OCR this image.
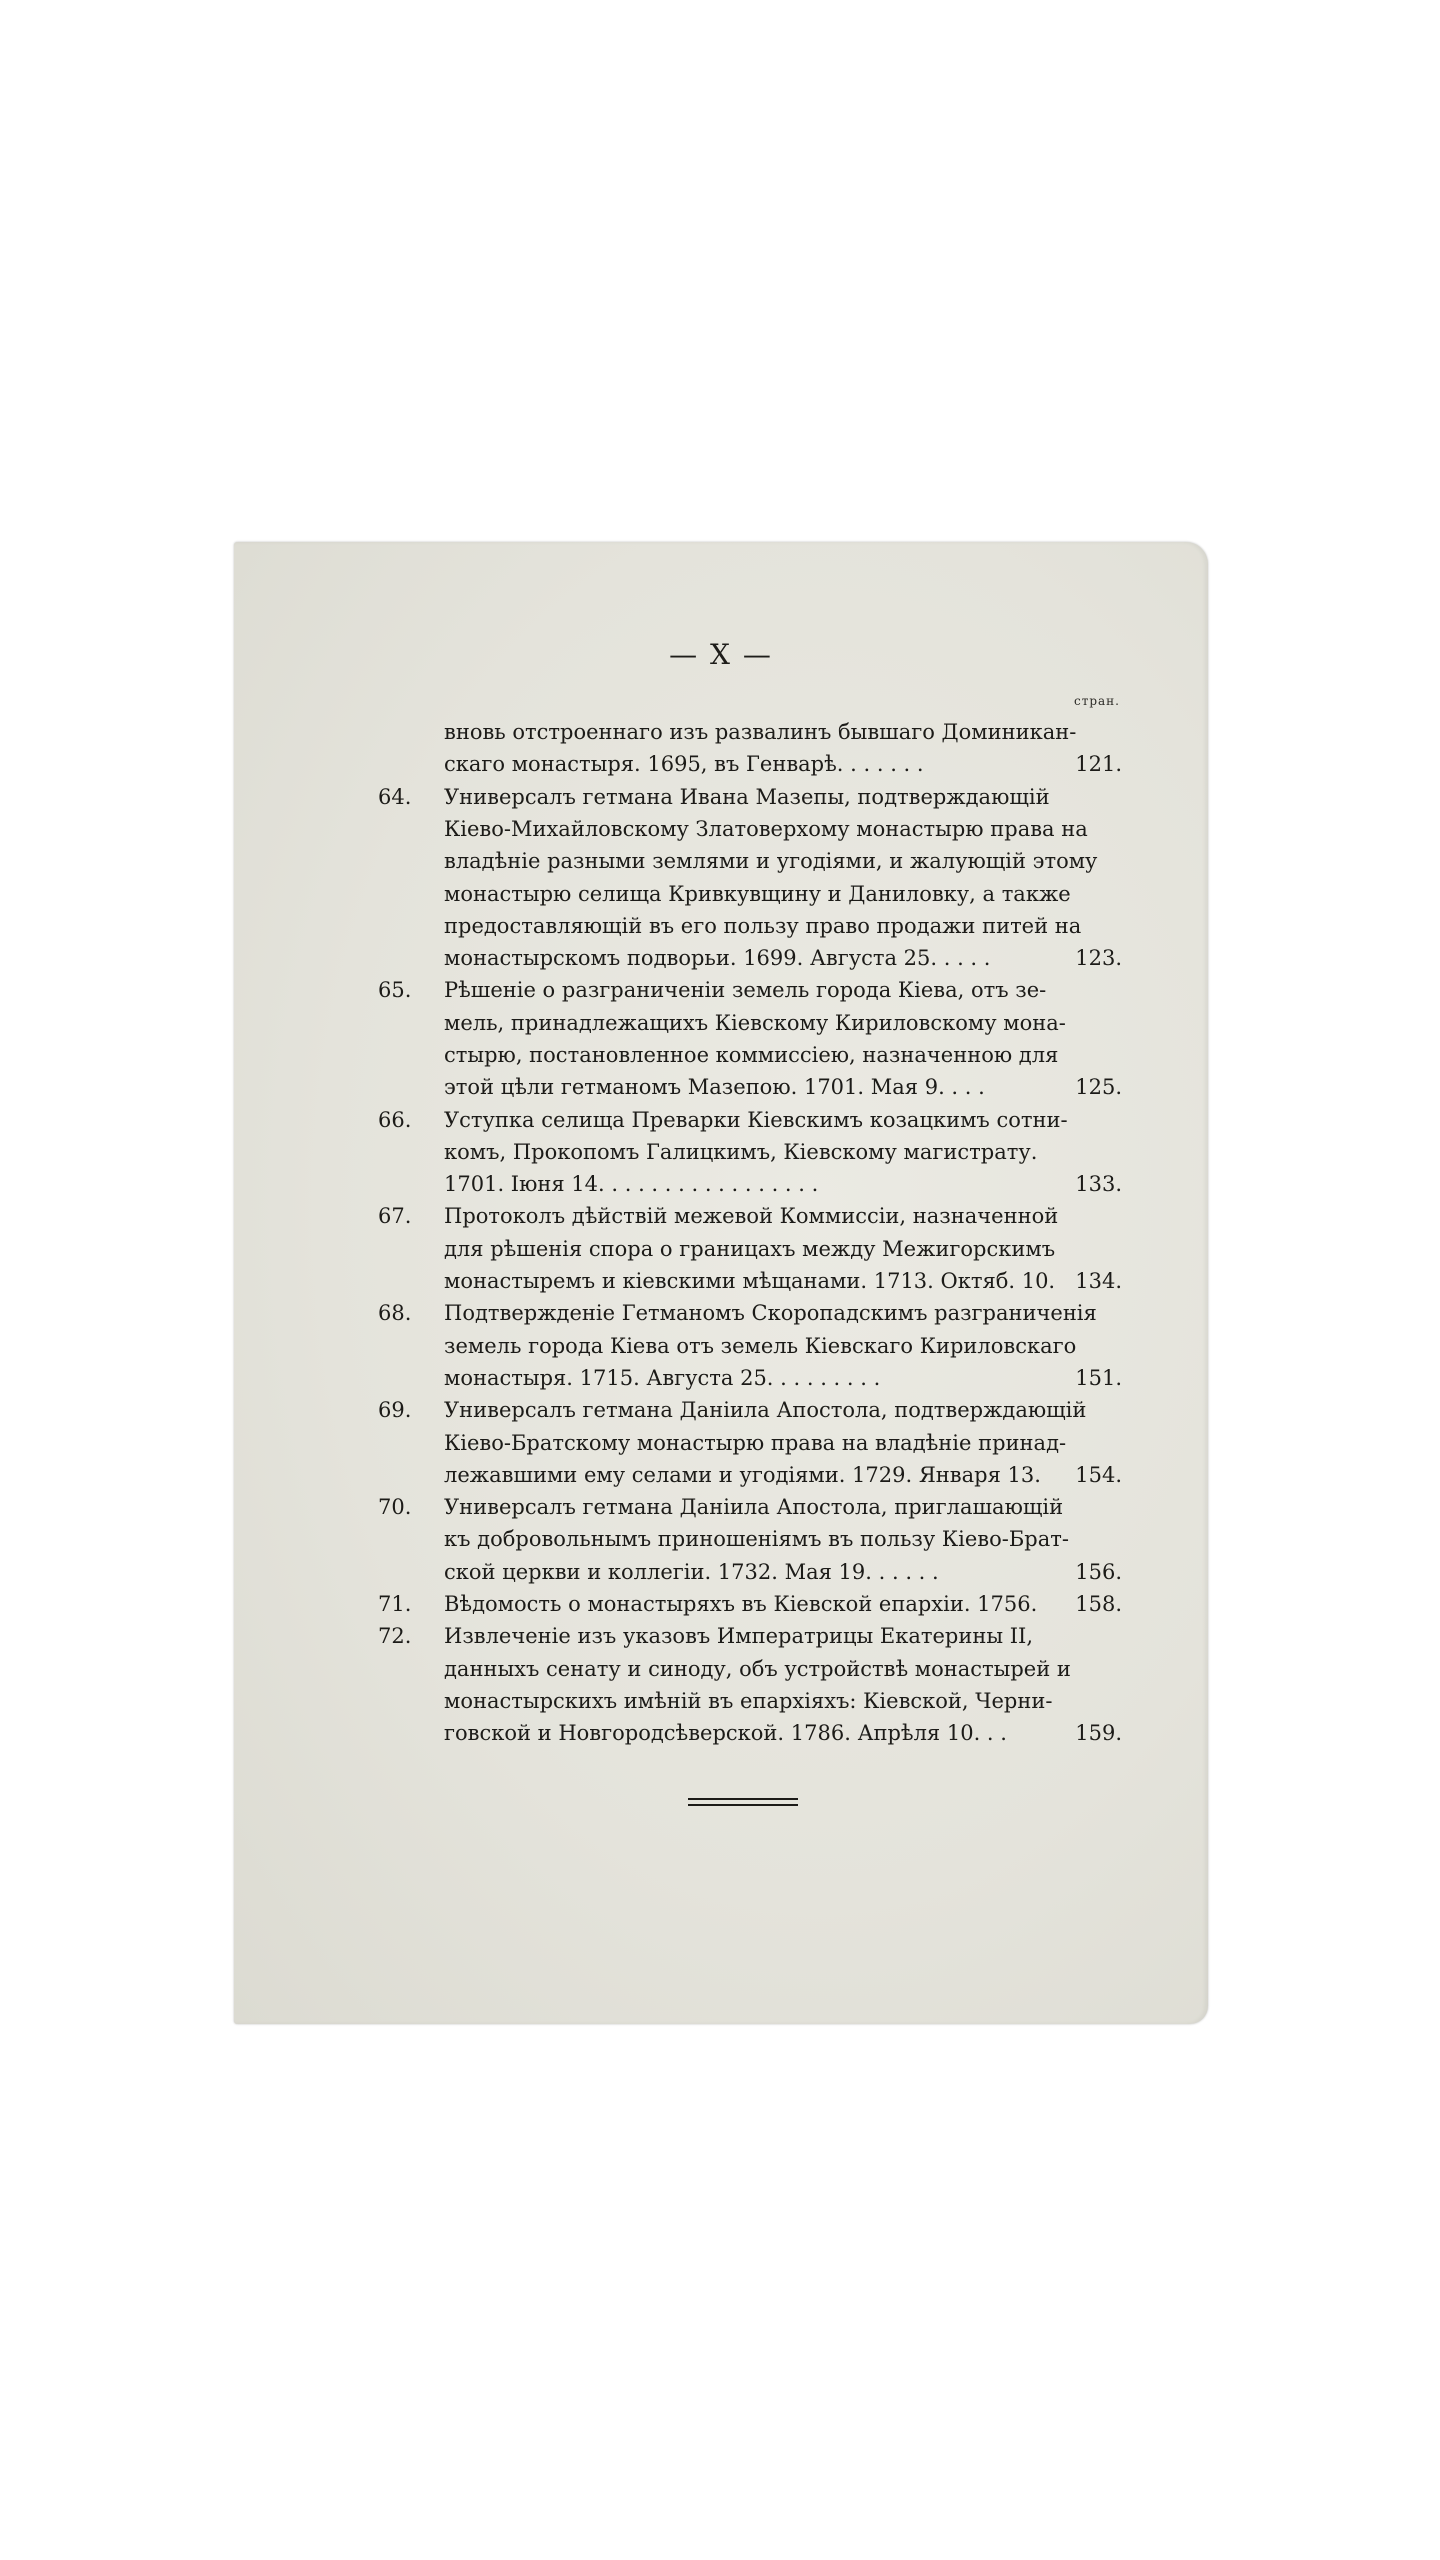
— X —
стран.
вновь отстроеннаго изъ развалинъ бывшаго Доминикан-
скаго монастыря. 1695, въ Генварѣ. . . . . . .	121.
64.	Универсалъ гетмана Ивана Мазепы, подтверждающій
Кіево-Михайловскому Златоверхому монастырю права на
владѣніе разными землями и угодіями, и жалующій этому
монастырю селища Кривкувщину и Даниловку, а также
предоставляющій въ его пользу право продажи питей на
монастырскомъ подворьи. 1699. Августа 25. . . . .	123.
65.	Рѣшеніе о разграниченіи земель города Кіева, отъ зе-
мель, принадлежащихъ Кіевскому Кириловскому мона-
стырю, постановленное коммиссіею, назначенною для
этой цѣли гетманомъ Мазепою. 1701. Мая 9. . . .	125.
66.	Уступка селища Преварки Кіевскимъ козацкимъ сотни-
комъ, Прокопомъ Галицкимъ, Кіевскому магистрату.
1701. Іюня 14. . . . . . . . . . . . . . . . .	133.
67.	Протоколъ дѣйствій межевой Коммиссіи, назначенной
для рѣшенія спора о границахъ между Межигорскимъ
монастыремъ и кіевскими мѣщанами. 1713. Октяб. 10. 134.
68.	Подтвержденіе Гетманомъ Скоропадскимъ разграниченія
земель города Кіева отъ земель Кіевскаго Кириловскаго
монастыря. 1715. Августа 25. . . . . . . . .	151.
69.	Универсалъ гетмана Даніила Апостола, подтверждающій
Кіево-Братскому монастырю права на владѣніе принад-
лежавшими ему селами и угодіями. 1729. Января 13.	154.
70.	Универсалъ гетмана Даніила Апостола, приглашающій
къ добровольнымъ приношеніямъ въ пользу Кіево-Брат-
ской церкви и коллегіи. 1732. Мая 19. . . . . .	156.
71.	Вѣдомость о монастыряхъ въ Кіевской епархіи. 1756.	158.
72.	Извлеченіе изъ указовъ Императрицы Екатерины II,
данныхъ сенату и синоду, объ устройствѣ монастырей и
монастырскихъ имѣній въ епархіяхъ: Кіевской, Черни-
говской и Новгородсѣверской. 1786. Апрѣля 10. . .	159.
